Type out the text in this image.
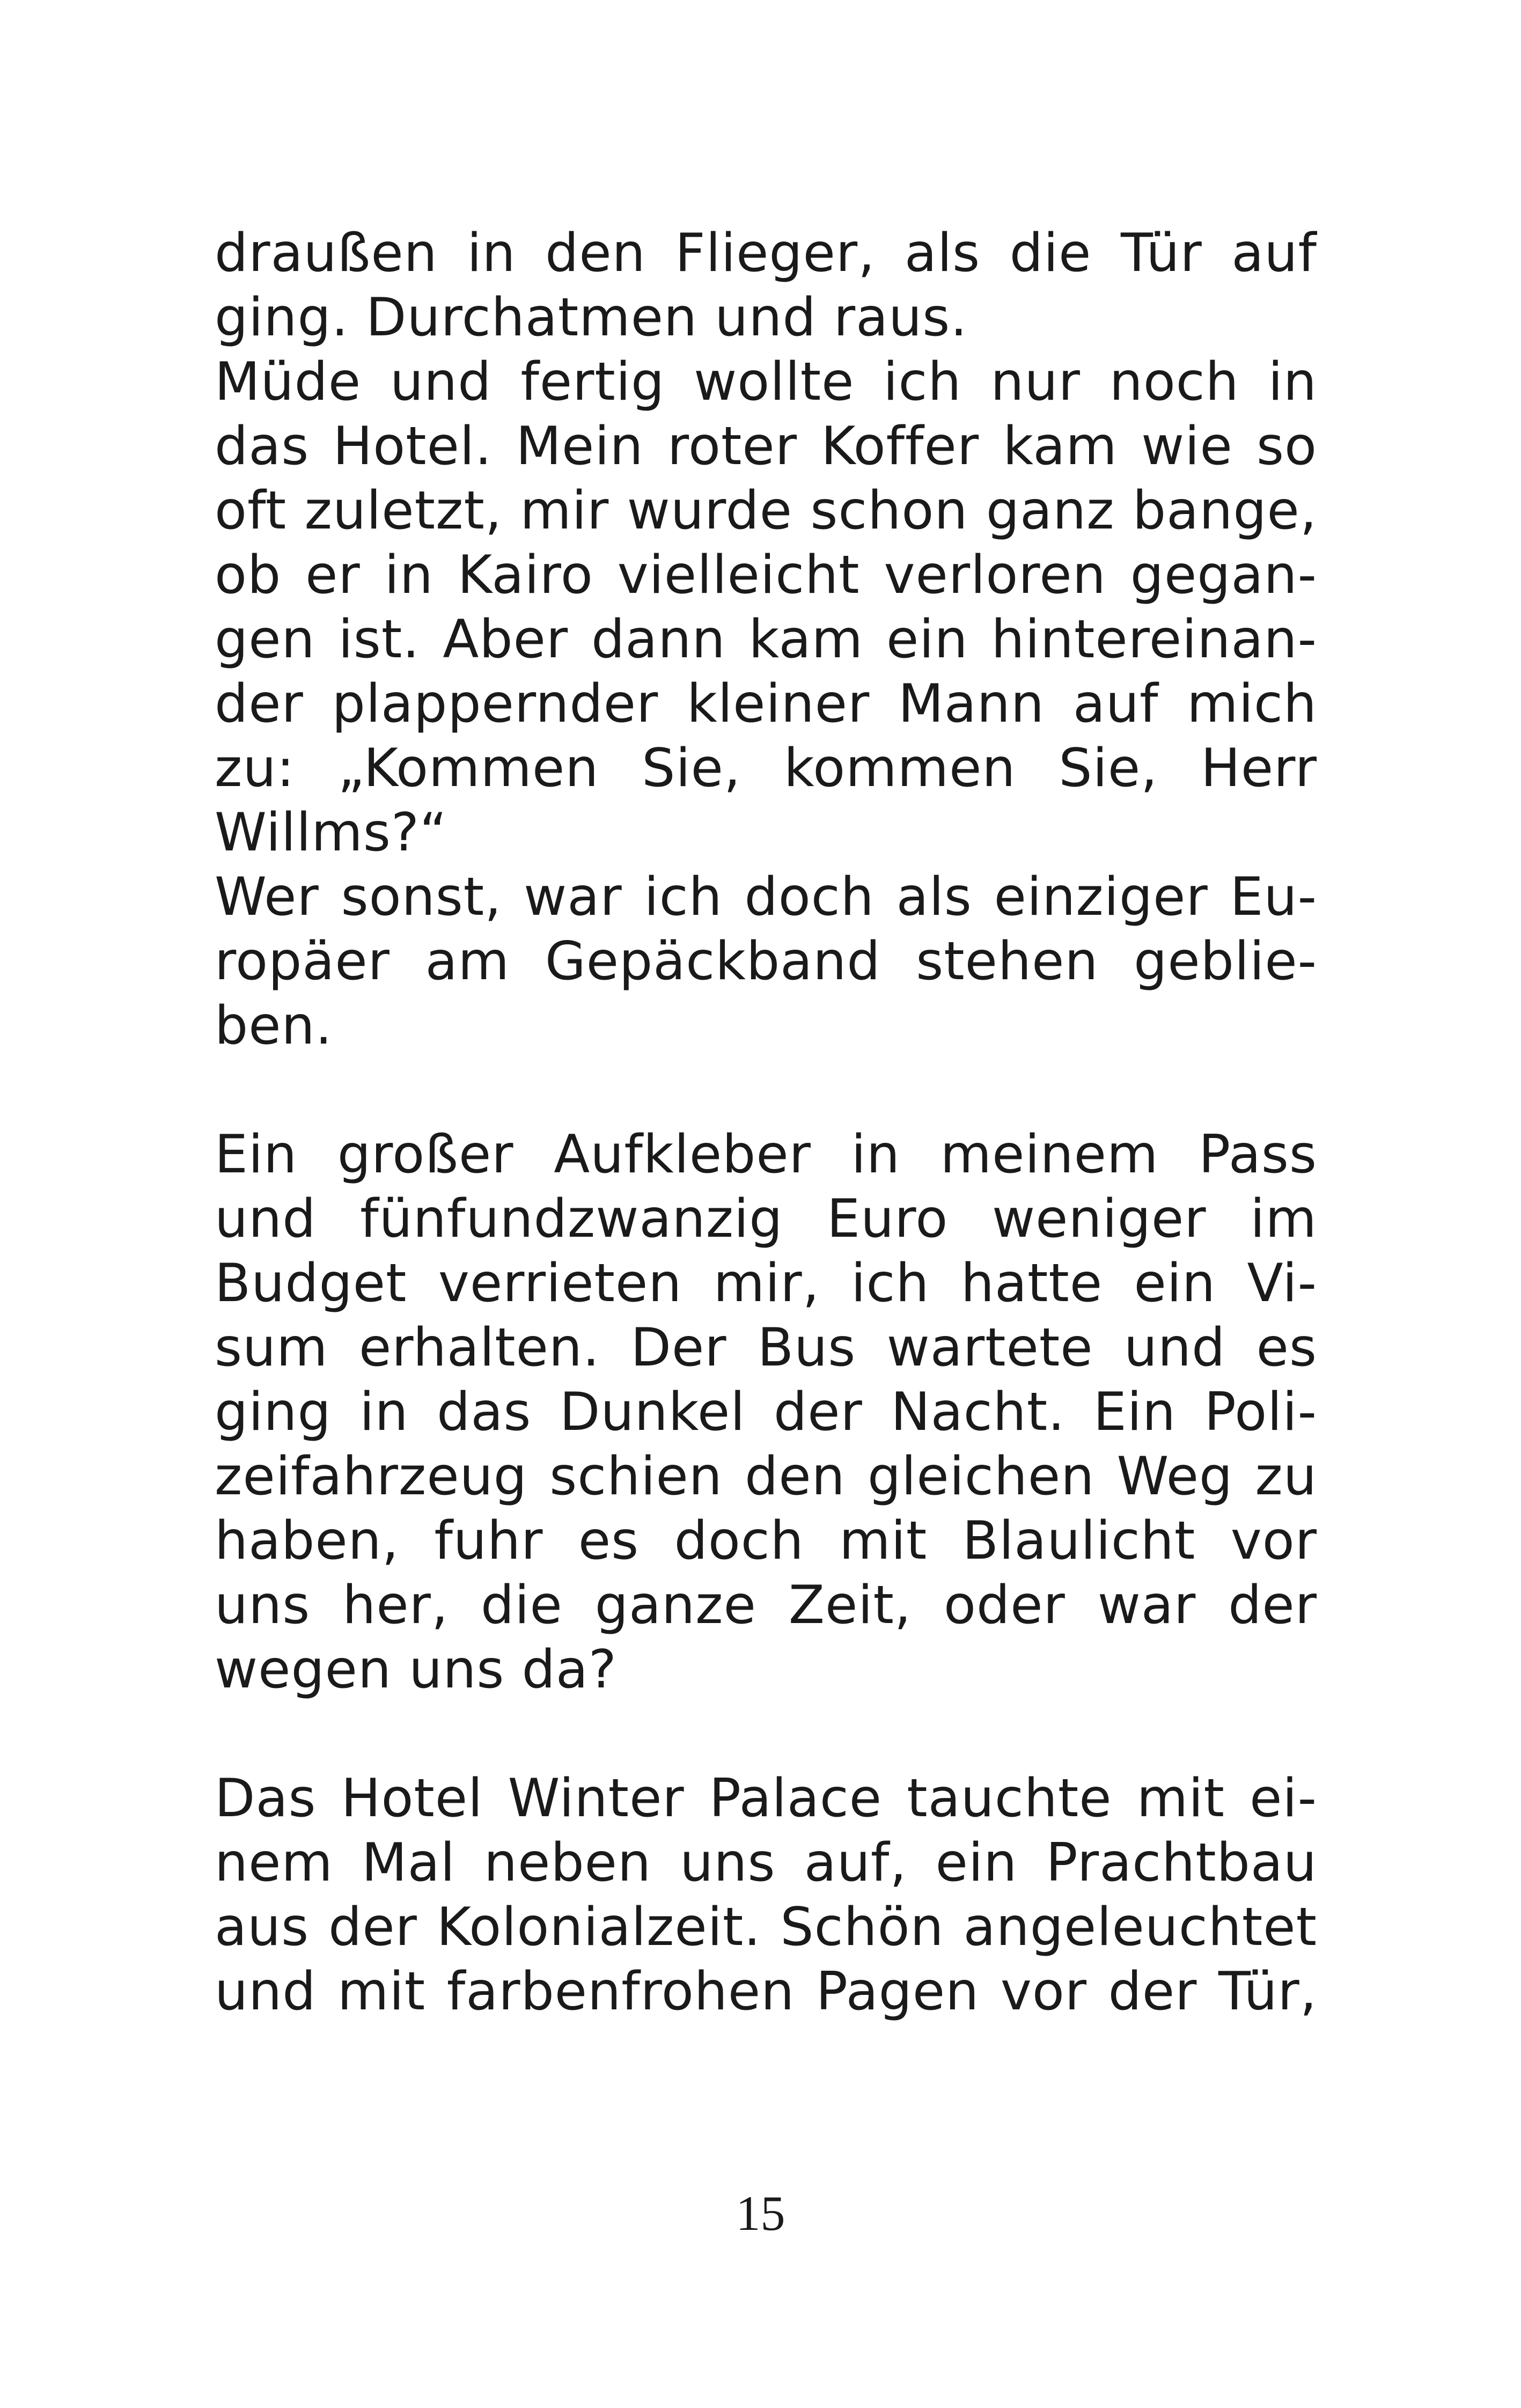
draußen in den Flieger, als die Tür auf
ging. Durchatmen und raus.
Müde und fertig wollte ich nur noch in
das Hotel. Mein roter Koffer kam wie so
oft zuletzt, mir wurde schon ganz bange,
ob er in Kairo vielleicht verloren gegan-
gen ist. Aber dann kam ein hintereinan-
der plappernder kleiner Mann auf mich
zu: „Kommen Sie, kommen Sie, Herr
Willms?“
Wer sonst, war ich doch als einziger Eu-
ropäer am Gepäckband stehen geblie-
ben.
Ein großer Aufkleber in meinem Pass
und fünfundzwanzig Euro weniger im
Budget verrieten mir, ich hatte ein Vi-
sum erhalten. Der Bus wartete und es
ging in das Dunkel der Nacht. Ein Poli-
zeifahrzeug schien den gleichen Weg zu
haben, fuhr es doch mit Blaulicht vor
uns her, die ganze Zeit, oder war der
wegen uns da?
Das Hotel Winter Palace tauchte mit ei-
nem Mal neben uns auf, ein Prachtbau
aus der Kolonialzeit. Schön angeleuchtet
und mit farbenfrohen Pagen vor der Tür,
15
